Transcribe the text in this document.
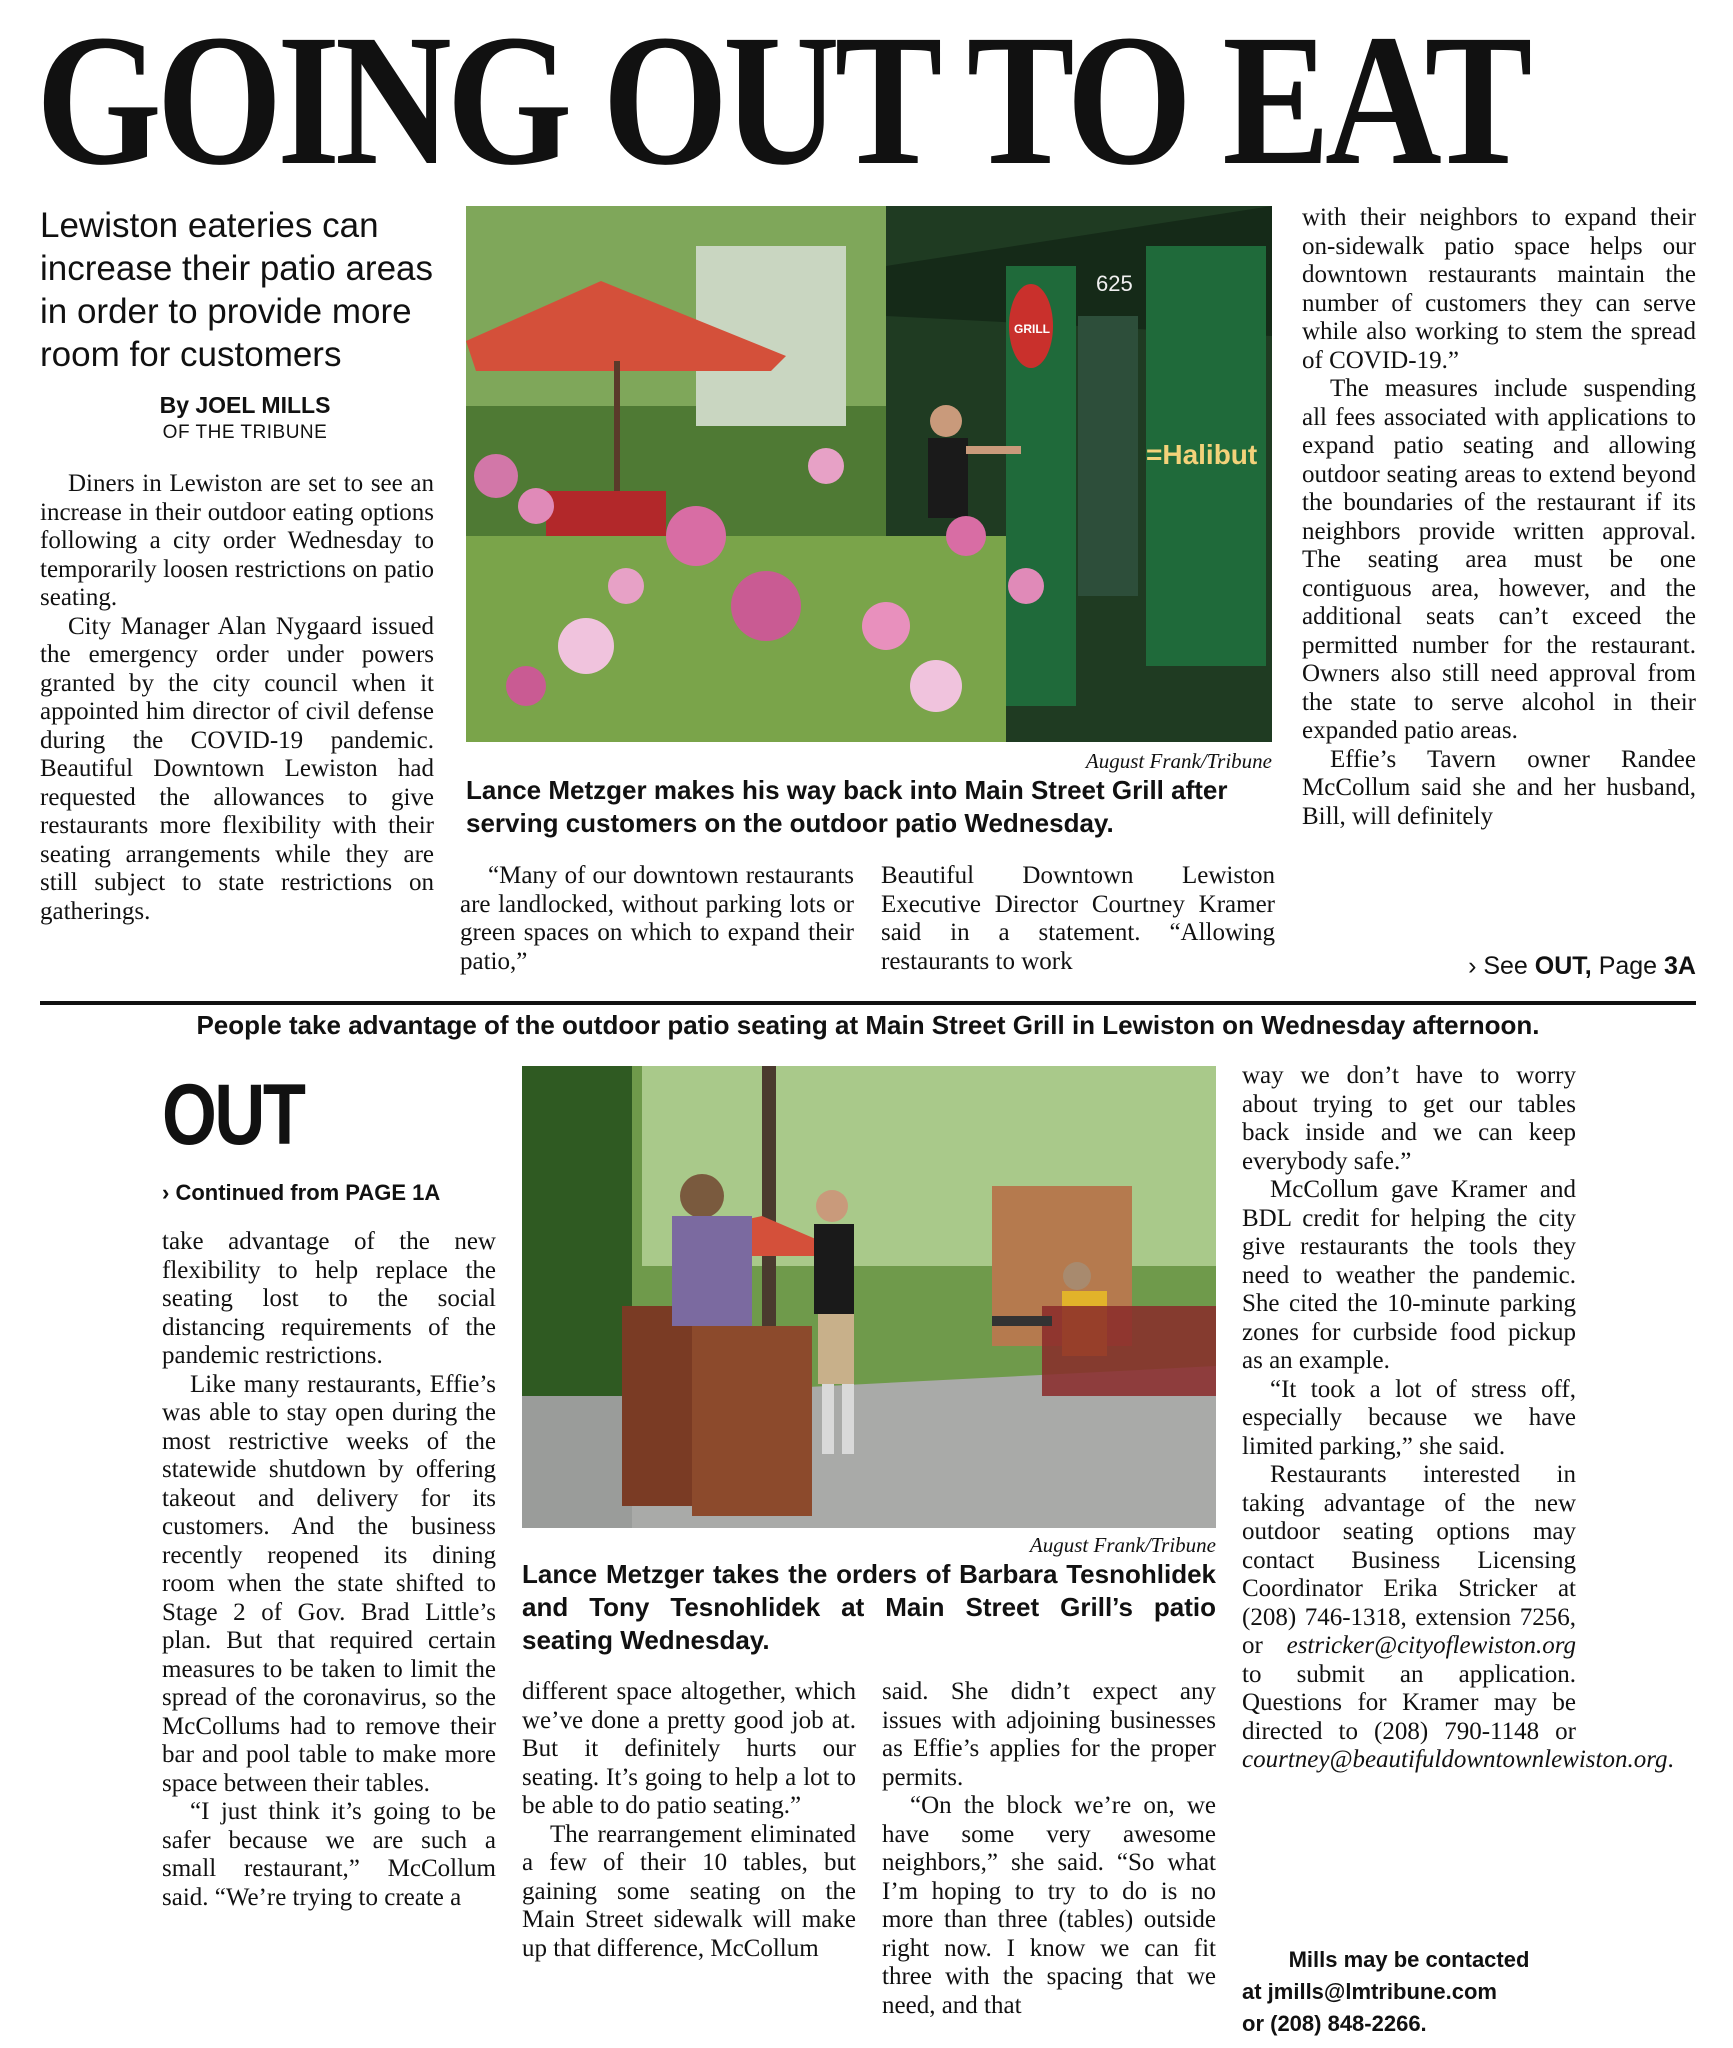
GOING OUT TO EAT
Lewiston eateries can increase their patio areas in order to provide more room for customers
By JOEL MILLS
OF THE TRIBUNE

Diners in Lewiston are set to see an increase in their outdoor eating options following a city order Wednesday to temporarily loosen restrictions on patio seating.

City Manager Alan Nygaard issued the emergency order under powers granted by the city council when it appointed him director of civil defense during the COVID-19 pandemic. Beautiful Downtown Lewiston had requested the allowances to give restaurants more flexibility with their seating arrangements while they are still subject to state restrictions on gatherings.

625
=Halibut
GRILL
August Frank/Tribune
Lance Metzger makes his way back into Main Street Grill after serving customers on the outdoor patio Wednesday.

“Many of our downtown restaurants are landlocked, without parking lots or green spaces on which to expand their patio,”

Beautiful Downtown Lewiston Executive Director Courtney Kramer said in a statement. “Allowing restaurants to work

with their neighbors to expand their on-sidewalk patio space helps our downtown restaurants maintain the number of customers they can serve while also working to stem the spread of COVID-19.”

The measures include suspending all fees associated with applications to expand patio seating and allowing outdoor seating areas to extend beyond the boundaries of the restaurant if its neighbors provide written approval. The seating area must be one contiguous area, however, and the additional seats can’t exceed the permitted number for the restaurant. Owners also still need approval from the state to serve alcohol in their expanded patio areas.

Effie’s Tavern owner Randee McCollum said she and her husband, Bill, will definitely

› See OUT, Page 3A
People take advantage of the outdoor patio seating at Main Street Grill in Lewiston on Wednesday afternoon.
OUT
› Continued from PAGE 1A

take advantage of the new flexibility to help replace the seating lost to the social distancing requirements of the pandemic restrictions.

Like many restaurants, Effie’s was able to stay open during the most restrictive weeks of the statewide shutdown by offering takeout and delivery for its customers. And the business recently reopened its dining room when the state shifted to Stage 2 of Gov. Brad Little’s plan. But that required certain measures to be taken to limit the spread of the coronavirus, so the McCollums had to remove their bar and pool table to make more space between their tables.

“I just think it’s going to be safer because we are such a small restaurant,” McCollum said. “We’re trying to create a

August Frank/Tribune
Lance Metzger takes the orders of Barbara Tesnohlidek and Tony Tesnohlidek at Main Street Grill’s patio seating Wednesday.

different space altogether, which we’ve done a pretty good job at. But it definitely hurts our seating. It’s going to help a lot to be able to do patio seating.”

The rearrangement eliminated a few of their 10 tables, but gaining some seating on the Main Street sidewalk will make up that difference, McCollum

said. She didn’t expect any issues with adjoining businesses as Effie’s applies for the proper permits.

“On the block we’re on, we have some very awesome neighbors,” she said. “So what I’m hoping to try to do is no more than three (tables) outside right now. I know we can fit three with the spacing that we need, and that

way we don’t have to worry about trying to get our tables back inside and we can keep everybody safe.”

McCollum gave Kramer and BDL credit for helping the city give restaurants the tools they need to weather the pandemic. She cited the 10-minute parking zones for curbside food pickup as an example.

“It took a lot of stress off, especially because we have limited parking,” she said.

Restaurants interested in taking advantage of the new outdoor seating options may contact Business Licensing Coordinator Erika Stricker at (208) 746-1318, extension 7256, or estricker@cityoflewiston.org to submit an application. Questions for Kramer may be directed to (208) 790-1148 or courtney@beautifuldowntownlewiston.org.

Mills may be contacted
at jmills@lmtribune.com
or (208) 848-2266.
